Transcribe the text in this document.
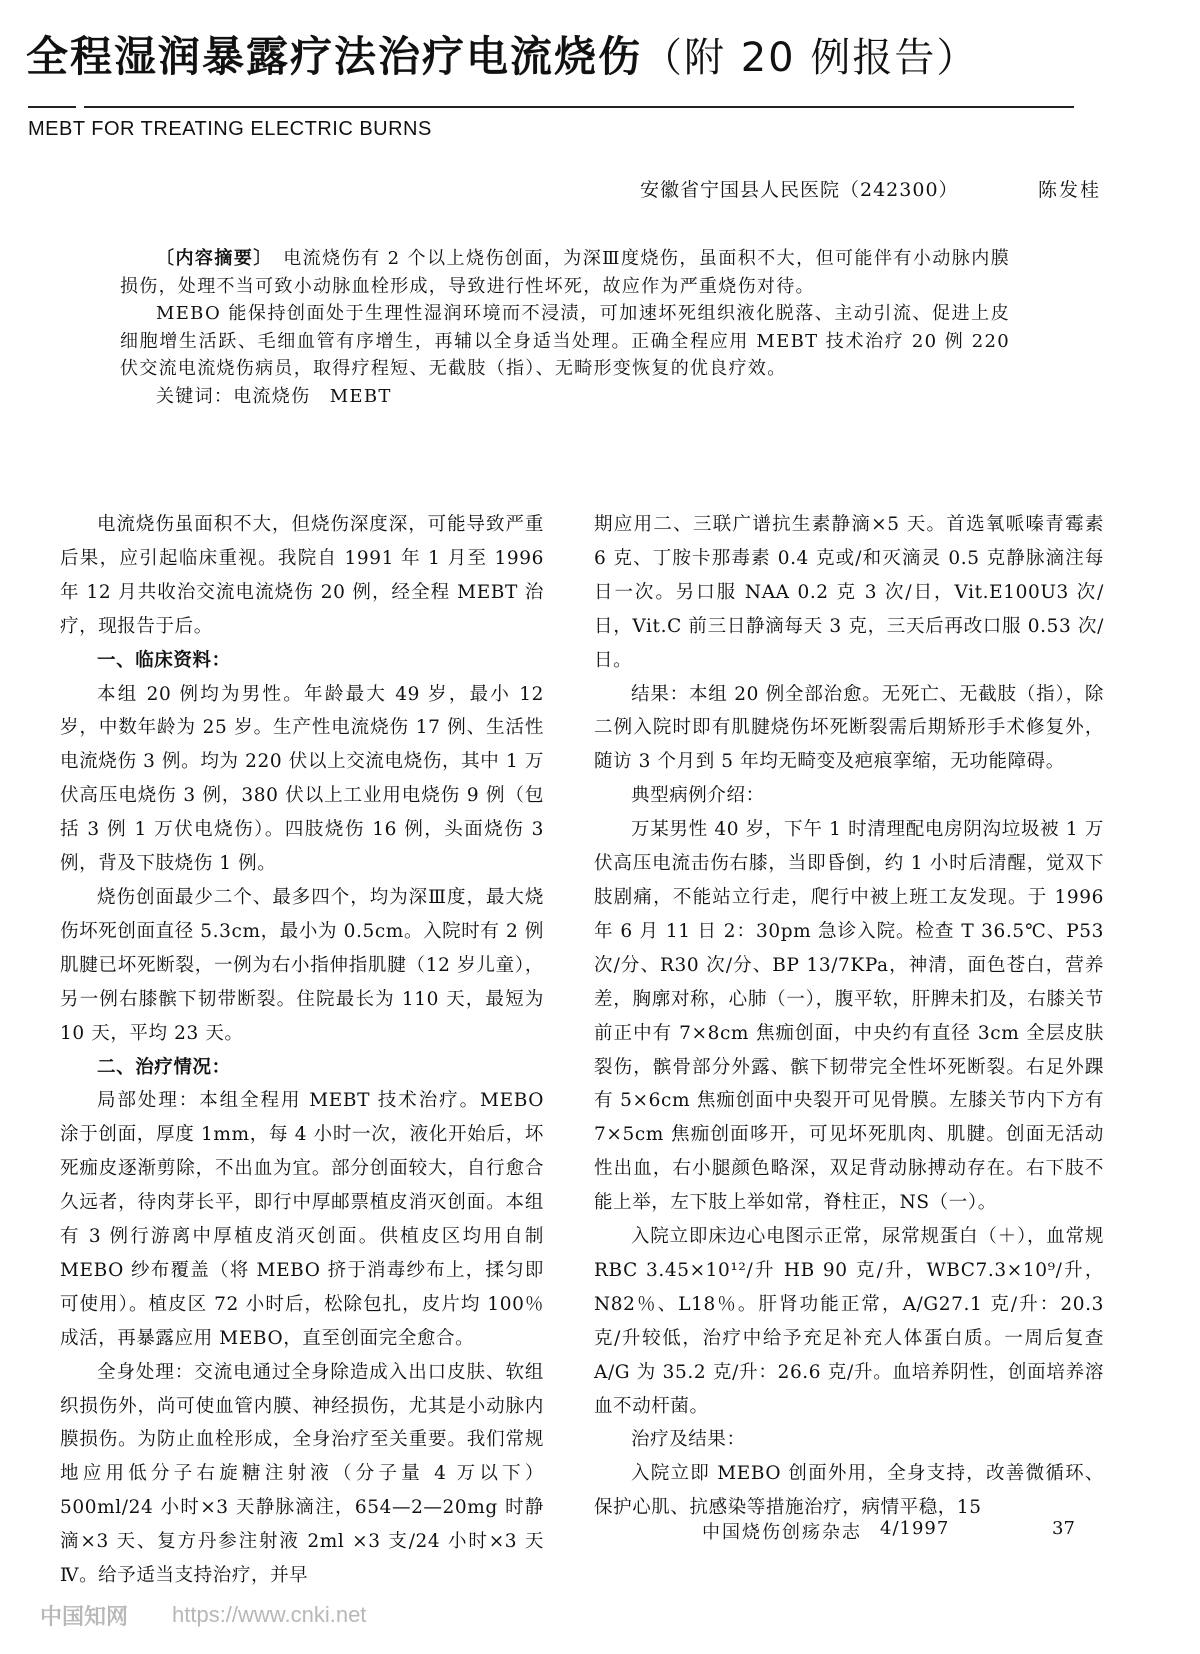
全程湿润暴露疗法治疗电流烧伤（附 20 例报告）
MEBT FOR TREATING ELECTRIC BURNS
安徽省宁国县人民医院（242300）	陈发桂

〔内容摘要〕　 电流烧伤有 2 个以上烧伤创面，为深Ⅲ度烧伤，虽面积不大，但可能伴有小动脉内膜损伤，处理不当可致小动脉血栓形成，导致进行性坏死，故应作为严重烧伤对待。

MEBO 能保持创面处于生理性湿润环境而不浸渍，可加速坏死组织液化脱落、主动引流、促进上皮细胞增生活跃、毛细血管有序增生，再辅以全身适当处理。正确全程应用 MEBT 技术治疗 20 例 220 伏交流电流烧伤病员，取得疗程短、无截肢（指）、无畸形变恢复的优良疗效。

关键词：电流烧伤　MEBT

电流烧伤虽面积不大，但烧伤深度深，可能导致严重后果，应引起临床重视。我院自 1991 年 1 月至 1996 年 12 月共收治交流电流烧伤 20 例，经全程 MEBT 治疗，现报告于后。

一、临床资料：

本组 20 例均为男性。年龄最大 49 岁，最小 12 岁，中数年龄为 25 岁。生产性电流烧伤 17 例、生活性电流烧伤 3 例。均为 220 伏以上交流电烧伤，其中 1 万伏高压电烧伤 3 例，380 伏以上工业用电烧伤 9 例（包括 3 例 1 万伏电烧伤）。四肢烧伤 16 例，头面烧伤 3 例，背及下肢烧伤 1 例。

烧伤创面最少二个、最多四个，均为深Ⅲ度，最大烧伤坏死创面直径 5.3cm，最小为 0.5cm。入院时有 2 例肌腱已坏死断裂，一例为右小指伸指肌腱（12 岁儿童），另一例右膝髌下韧带断裂。住院最长为 110 天，最短为 10 天，平均 23 天。

二、治疗情况：

局部处理：本组全程用 MEBT 技术治疗。MEBO 涂于创面，厚度 1mm，每 4 小时一次，液化开始后，坏死痂皮逐渐剪除，不出血为宜。部分创面较大，自行愈合久远者，待肉芽长平，即行中厚邮票植皮消灭创面。本组有 3 例行游离中厚植皮消灭创面。供植皮区均用自制 MEBO 纱布覆盖（将 MEBO 挤于消毒纱布上，揉匀即可使用）。植皮区 72 小时后，松除包扎，皮片均 100％成活，再暴露应用 MEBO，直至创面完全愈合。

全身处理：交流电通过全身除造成入出口皮肤、软组织损伤外，尚可使血管内膜、神经损伤，尤其是小动脉内膜损伤。为防止血栓形成，全身治疗至关重要。我们常规地应用低分子右旋糖注射液（分子量 4 万以下）500ml/24 小时×3 天静脉滴注，654—2—20mg 时静滴×3 天、复方丹参注射液 2ml ×3 支/24 小时×3 天Ⅳ。给予适当支持治疗，并早

期应用二、三联广谱抗生素静滴×5 天。首选氧哌嗪青霉素 6 克、丁胺卡那毒素 0.4 克或/和灭滴灵 0.5 克静脉滴注每日一次。另口服 NAA 0.2 克 3 次/日，Vit.E100U3 次/日，Vit.C 前三日静滴每天 3 克，三天后再改口服 0.53 次/日。

结果：本组 20 例全部治愈。无死亡、无截肢（指），除二例入院时即有肌腱烧伤坏死断裂需后期矫形手术修复外，随访 3 个月到 5 年均无畸变及疤痕挛缩，无功能障碍。

典型病例介绍：

万某男性 40 岁，下午 1 时清理配电房阴沟垃圾被 1 万伏高压电流击伤右膝，当即昏倒，约 1 小时后清醒，觉双下肢剧痛，不能站立行走，爬行中被上班工友发现。于 1996 年 6 月 11 日 2：30pm 急诊入院。检查 T 36.5℃、P53 次/分、R30 次/分、BP 13/7KPa，神清，面色苍白，营养差，胸廓对称，心肺（一），腹平软，肝脾未扪及，右膝关节前正中有 7×8cm 焦痂创面，中央约有直径 3cm 全层皮肤裂伤，髌骨部分外露、髌下韧带完全性坏死断裂。右足外踝有 5×6cm 焦痂创面中央裂开可见骨膜。左膝关节内下方有 7×5cm 焦痂创面哆开，可见坏死肌肉、肌腱。创面无活动性出血，右小腿颜色略深，双足背动脉搏动存在。右下肢不能上举，左下肢上举如常，脊柱正，NS（一）。

入院立即床边心电图示正常，尿常规蛋白（＋），血常规 RBC 3.45×10¹²/升 HB 90 克/升，WBC7.3×10⁹/升，N82％、L18％。肝肾功能正常，A/G27.1 克/升：20.3 克/升较低，治疗中给予充足补充人体蛋白质。一周后复查 A/G 为 35.2 克/升：26.6 克/升。血培养阴性，创面培养溶血不动杆菌。

治疗及结果：

入院立即 MEBO 创面外用，全身支持，改善微循环、保护心肌、抗感染等措施治疗，病情平稳，15

中国烧伤创疡杂志 4/1997	37
中国知网 https://www.cnki.net
